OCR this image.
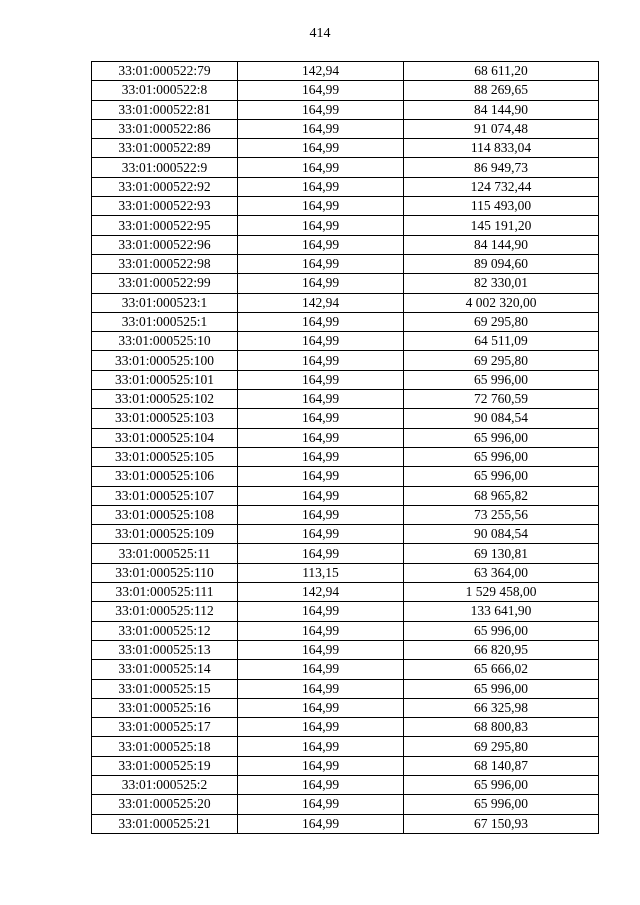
414
33:01:000522:79	142,94	68 611,20
33:01:000522:8	164,99	88 269,65
33:01:000522:81	164,99	84 144,90
33:01:000522:86	164,99	91 074,48
33:01:000522:89	164,99	114 833,04
33:01:000522:9	164,99	86 949,73
33:01:000522:92	164,99	124 732,44
33:01:000522:93	164,99	115 493,00
33:01:000522:95	164,99	145 191,20
33:01:000522:96	164,99	84 144,90
33:01:000522:98	164,99	89 094,60
33:01:000522:99	164,99	82 330,01
33:01:000523:1	142,94	4 002 320,00
33:01:000525:1	164,99	69 295,80
33:01:000525:10	164,99	64 511,09
33:01:000525:100	164,99	69 295,80
33:01:000525:101	164,99	65 996,00
33:01:000525:102	164,99	72 760,59
33:01:000525:103	164,99	90 084,54
33:01:000525:104	164,99	65 996,00
33:01:000525:105	164,99	65 996,00
33:01:000525:106	164,99	65 996,00
33:01:000525:107	164,99	68 965,82
33:01:000525:108	164,99	73 255,56
33:01:000525:109	164,99	90 084,54
33:01:000525:11	164,99	69 130,81
33:01:000525:110	113,15	63 364,00
33:01:000525:111	142,94	1 529 458,00
33:01:000525:112	164,99	133 641,90
33:01:000525:12	164,99	65 996,00
33:01:000525:13	164,99	66 820,95
33:01:000525:14	164,99	65 666,02
33:01:000525:15	164,99	65 996,00
33:01:000525:16	164,99	66 325,98
33:01:000525:17	164,99	68 800,83
33:01:000525:18	164,99	69 295,80
33:01:000525:19	164,99	68 140,87
33:01:000525:2	164,99	65 996,00
33:01:000525:20	164,99	65 996,00
33:01:000525:21	164,99	67 150,93
